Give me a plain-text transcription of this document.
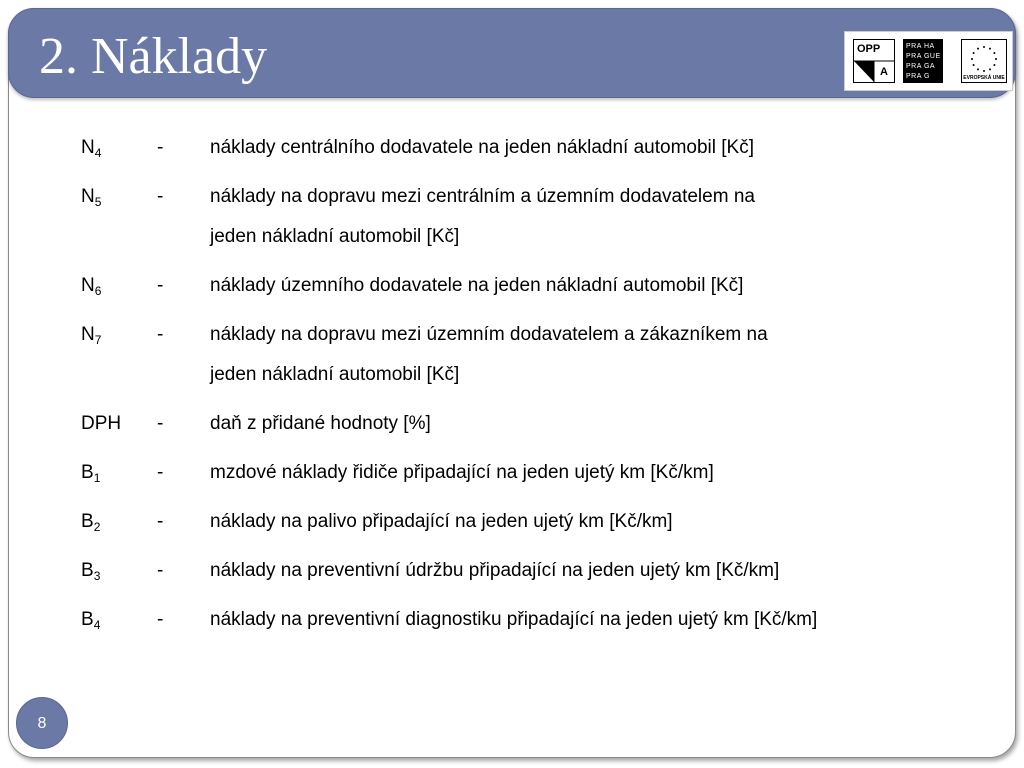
2. Náklady	OPP
A
PRA HA
PRA GUE
PRA GA
PRA G	EVROPSKÁ UNIE
$N_4$	- náklady centrálního dodavatele na jeden nákladní automobil [Kč]
$N_5$	- náklady na dopravu mezi centrálním a územním dodavatelem na
jeden nákladní automobil [Kč]
$N_6$	- náklady územního dodavatele na jeden nákladní automobil [Kč]
$N_7$	- náklady na dopravu mezi územním dodavatelem a zákazníkem na
jeden nákladní automobil [Kč]
DPH - daň z přidané hodnoty [%]
$B_1$	- mzdové náklady řidiče připadající na jeden ujetý km [Kč/km]
$B_2$	- náklady na palivo připadající na jeden ujetý km [Kč/km]
$B_3$	- náklady na preventivní údržbu připadající na jeden ujetý km [Kč/km]
$B_4$	- náklady na preventivní diagnostiku připadající na jeden ujetý km [Kč/km]
8
